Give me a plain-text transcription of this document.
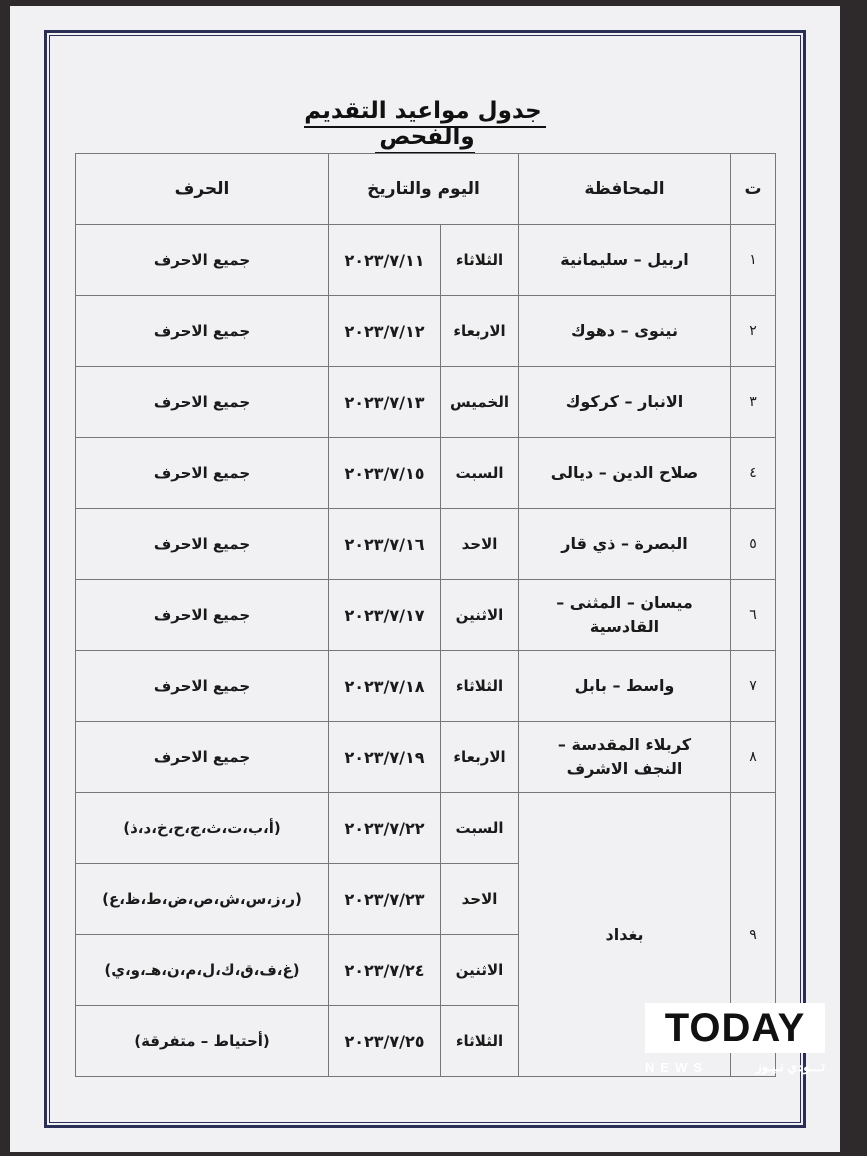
جدول مواعيد التقديم والفحص
ت	المحافظة	اليوم والتاريخ		الحرف
١	اربيل – سليمانية	الثلاثاء	٢٠٢٣/٧/١١	جميع الاحرف
٢	نينوى – دهوك	الاربعاء	٢٠٢٣/٧/١٢	جميع الاحرف
٣	الانبار – كركوك	الخميس	٢٠٢٣/٧/١٣	جميع الاحرف
٤	صلاح الدين – ديالى	السبت	٢٠٢٣/٧/١٥	جميع الاحرف
٥	البصرة – ذي قار	الاحد	٢٠٢٣/٧/١٦	جميع الاحرف
٦	ميسان – المثنى – القادسية	الاثنين	٢٠٢٣/٧/١٧	جميع الاحرف
٧	واسط – بابل	الثلاثاء	٢٠٢٣/٧/١٨	جميع الاحرف
٨	كربلاء المقدسة – النجف الاشرف	الاربعاء	٢٠٢٣/٧/١٩	جميع الاحرف
٩	بغداد	السبت	٢٠٢٣/٧/٢٢	(أ،ب،ت،ث،ج،ح،خ،د،ذ)
		الاحد	٢٠٢٣/٧/٢٣	(ر،ز،س،ش،ص،ض،ط،ظ،ع)
		الاثنين	٢٠٢٣/٧/٢٤	(غ،ف،ق،ك،ل،م،ن،هـ،و،ي)
		الثلاثاء	٢٠٢٣/٧/٢٥	(أحتياط – متفرقة)	TODAY
NEWS	تـــودي نـيـوز
